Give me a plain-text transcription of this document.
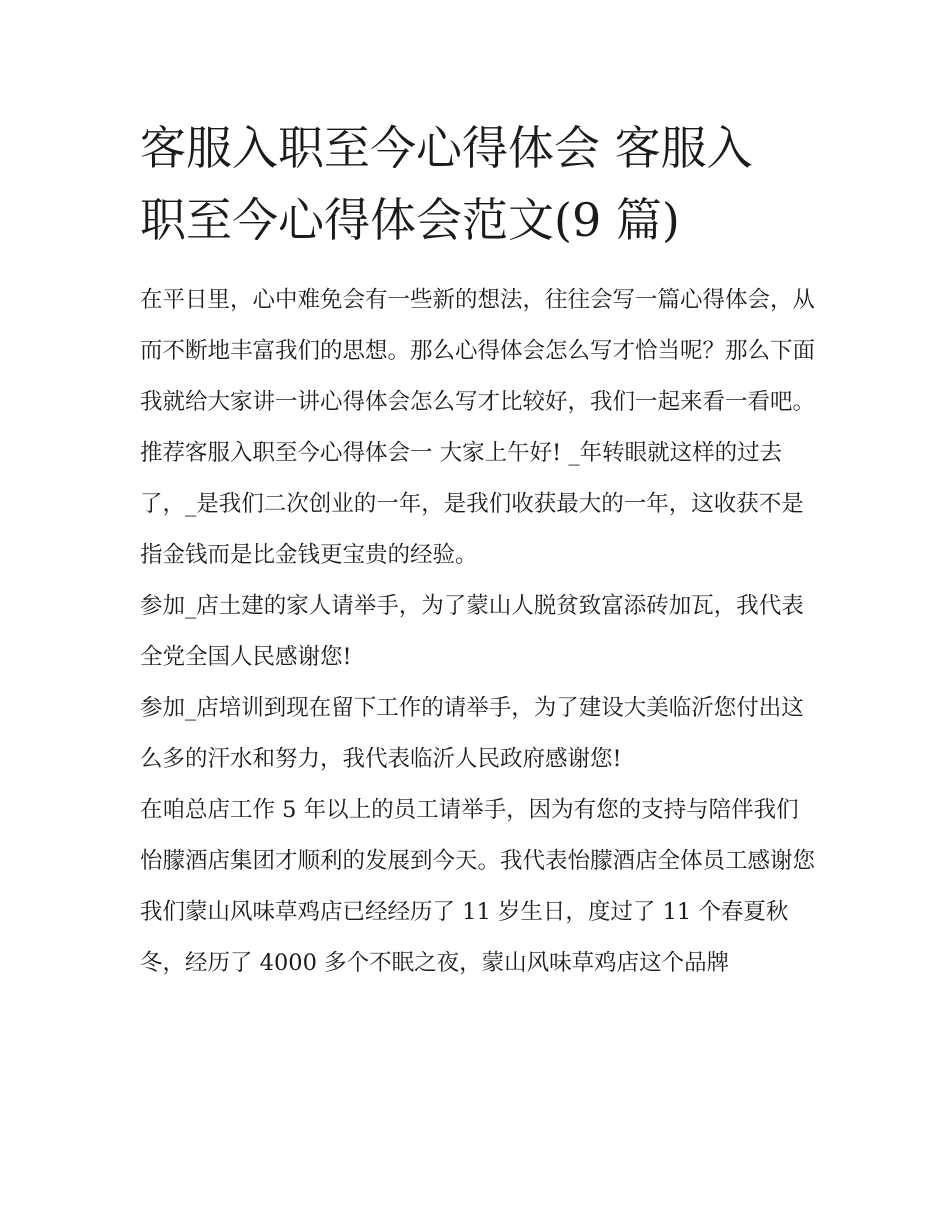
客服入职至今心得体会 客服入
职至今心得体会范文(9 篇)

在平日里，心中难免会有一些新的想法，往往会写一篇心得体会，从而不断地丰富我们的思想。那么心得体会怎么写才恰当呢？那么下面我就给大家讲一讲心得体会怎么写才比较好，我们一起来看一看吧。

推荐客服入职至今心得体会一 大家上午好! _年转眼就这样的过去了，_是我们二次创业的一年，是我们收获最大的一年，这收获不是指金钱而是比金钱更宝贵的经验。

参加_店土建的家人请举手，为了蒙山人脱贫致富添砖加瓦，我代表全党全国人民感谢您!

参加_店培训到现在留下工作的请举手，为了建设大美临沂您付出这么多的汗水和努力，我代表临沂人民政府感谢您!

在咱总店工作 5 年以上的员工请举手，因为有您的支持与陪伴我们怡朦酒店集团才顺利的发展到今天。我代表怡朦酒店全体员工感谢您

我们蒙山风味草鸡店已经经历了 11 岁生日，度过了 11 个春夏秋冬，经历了 4000 多个不眠之夜，蒙山风味草鸡店这个品牌
